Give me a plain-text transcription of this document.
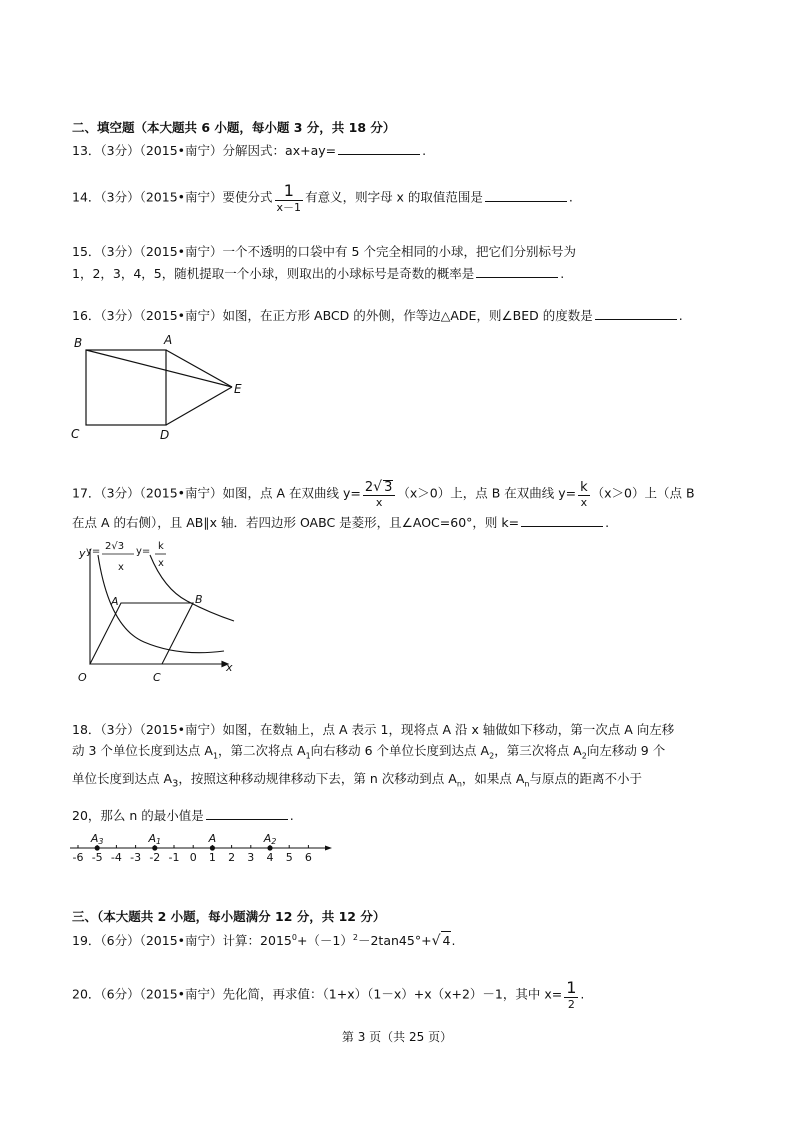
二、填空题（本大题共 6 小题，每小题 3 分，共 18 分）
13．（3分）（2015•南宁）分解因式：ax+ay=	.
14．（3分）（2015•南宁）要使分式 $\frac{1}{x-1}$ 有意义，则字母 x 的取值范围是	.
15．（3分）（2015•南宁）一个不透明的口袋中有 5 个完全相同的小球，把它们分别标号为
1，2，3，4，5，随机提取一个小球，则取出的小球标号是奇数的概率是	.
16．（3分）（2015•南宁）如图，在正方形 ABCD 的外侧，作等边△ADE，则∠BED 的度数是	.
B	A
C	D
E
17．（3分）（2015•南宁）如图，点 A 在双曲线 $y= \frac{2√ 3}{x} (x>0)$上，点 B 在双曲线 $y= \frac{k}{x} (x>0)$上（点 B
在点 A 的右侧），且 AB∥x 轴．若四边形 OABC 是菱形，且∠AOC=60°，则 k=	.
y y= 2√3
x
y= k
x
A	B
O	C
x
18．（3分）（2015•南宁）如图，在数轴上，点 A 表示 1，现将点 A 沿 x 轴做如下移动，第一次点 A 向左移
动 3 个单位长度到达点 $A_1$，第二次将点 $A_1$向右移动 6 个单位长度到达点 $A_2$，第三次将点 $A_2$向左移动 9 个
单位长度到达点 $A_3$，按照这种移动规律移动下去，第 n 次移动到点 $A_n$，如果点 $A_n$与原点的距离不小于
20，那么 n 的最小值是	.
-6 -5 -4 -3 -2 -1 0 1 2 3 4 5 6
A3	A1	A	A2
三、（本大题共 2 小题，每小题满分 12 分，共 12 分）
19．（6分）（2015•南宁）计算：$2015^0+(-1)^2-2\tan 45^\circ+√$ 4.
20．（6分）（2015•南宁）先化简，再求值：（1+x）（1－x）+x（x+2）－1，其中 $x= \frac{1}{2}$ .
第 3 页（共 25 页）
